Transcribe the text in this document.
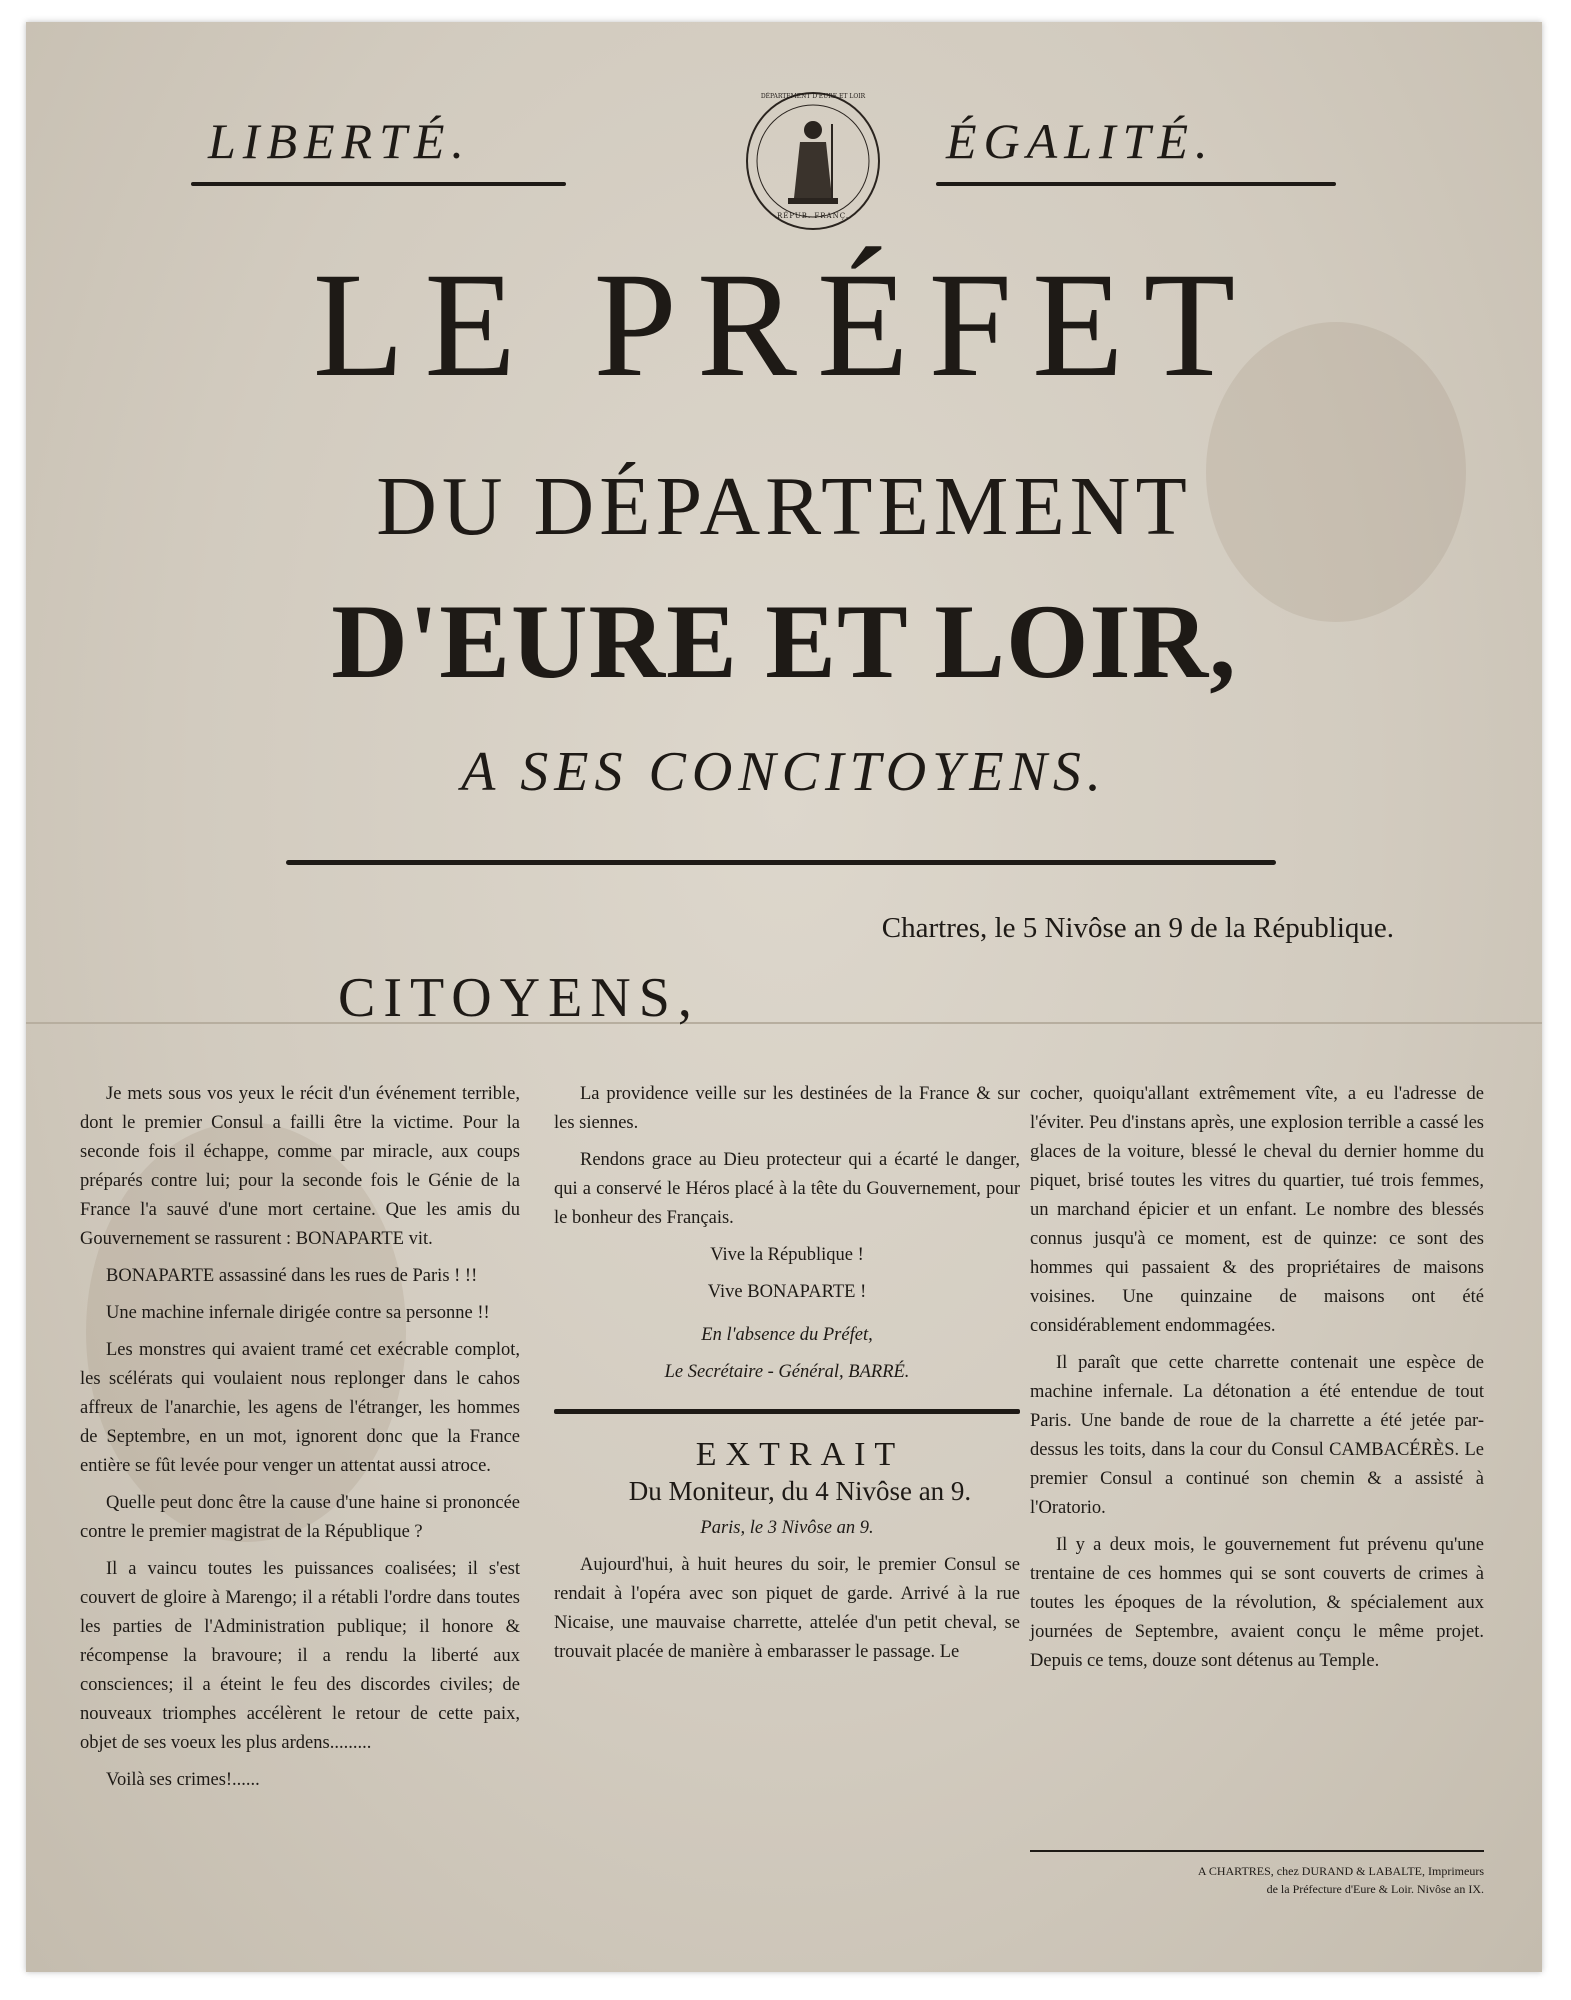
LIBERTÉ.	ÉGALITÉ.
RÉPUB. FRANÇ.
DÉPARTEMENT D'EURE ET LOIR
LE PRÉFET
DU DÉPARTEMENT
D'EURE ET LOIR,
A SES CONCITOYENS.
Chartres, le 5 Nivôse an 9 de la République.
CITOYENS,

Je mets sous vos yeux le récit d'un événement terrible, dont le premier Consul a failli être la victime. Pour la seconde fois il échappe, comme par miracle, aux coups préparés contre lui; pour la seconde fois le Génie de la France l'a sauvé d'une mort certaine. Que les amis du Gouvernement se rassurent : BONAPARTE vit.

BONAPARTE assassiné dans les rues de Paris ! !!

Une machine infernale dirigée contre sa personne !!

Les monstres qui avaient tramé cet exécrable complot, les scélérats qui voulaient nous replonger dans le cahos affreux de l'anarchie, les agens de l'étranger, les hommes de Septembre, en un mot, ignorent donc que la France entière se fût levée pour venger un attentat aussi atroce.

Quelle peut donc être la cause d'une haine si prononcée contre le premier magistrat de la République ?

Il a vaincu toutes les puissances coalisées; il s'est couvert de gloire à Marengo; il a rétabli l'ordre dans toutes les parties de l'Administration publique; il honore & récompense la bravoure; il a rendu la liberté aux consciences; il a éteint le feu des discordes civiles; de nouveaux triomphes accélèrent le retour de cette paix, objet de ses voeux les plus ardens.........

Voilà ses crimes!......

La providence veille sur les destinées de la France & sur les siennes.

Rendons grace au Dieu protecteur qui a écarté le danger, qui a conservé le Héros placé à la tête du Gouvernement, pour le bonheur des Français.

Vive la République !

Vive BONAPARTE !

En l'absence du Préfet,

Le Secrétaire - Général, BARRÉ.

EXTRAIT

Du Moniteur, du 4 Nivôse an 9.

Paris, le 3 Nivôse an 9.

Aujourd'hui, à huit heures du soir, le premier Consul se rendait à l'opéra avec son piquet de garde. Arrivé à la rue Nicaise, une mauvaise charrette, attelée d'un petit cheval, se trouvait placée de manière à embarasser le passage. Le

cocher, quoiqu'allant extrêmement vîte, a eu l'adresse de l'éviter. Peu d'instans après, une explosion terrible a cassé les glaces de la voiture, blessé le cheval du dernier homme du piquet, brisé toutes les vitres du quartier, tué trois femmes, un marchand épicier et un enfant. Le nombre des blessés connus jusqu'à ce moment, est de quinze: ce sont des hommes qui passaient & des propriétaires de maisons voisines. Une quinzaine de maisons ont été considérablement endommagées.

Il paraît que cette charrette contenait une espèce de machine infernale. La détonation a été entendue de tout Paris. Une bande de roue de la charrette a été jetée par-dessus les toits, dans la cour du Consul CAMBACÉRÈS. Le premier Consul a continué son chemin & a assisté à l'Oratorio.

Il y a deux mois, le gouvernement fut prévenu qu'une trentaine de ces hommes qui se sont couverts de crimes à toutes les époques de la révolution, & spécialement aux journées de Septembre, avaient conçu le même projet. Depuis ce tems, douze sont détenus au Temple.

A CHARTRES, chez DURAND & LABALTE, Imprimeurs
de la Préfecture d'Eure & Loir. Nivôse an IX.
